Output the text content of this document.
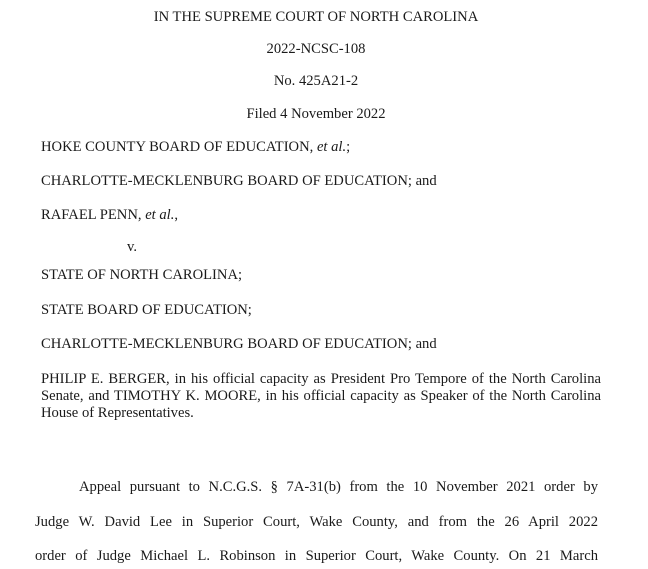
IN THE SUPREME COURT OF NORTH CAROLINA
2022-NCSC-108
No. 425A21-2
Filed 4 November 2022
HOKE COUNTY BOARD OF EDUCATION, et al.;
CHARLOTTE-MECKLENBURG BOARD OF EDUCATION; and
RAFAEL PENN, et al.,
v.
STATE OF NORTH CAROLINA;
STATE BOARD OF EDUCATION;
CHARLOTTE-MECKLENBURG BOARD OF EDUCATION; and
PHILIP E. BERGER, in his official capacity as President Pro Tempore of the North Carolina Senate, and TIMOTHY K. MOORE, in his official capacity as Speaker of the North Carolina House of Representatives.
Appeal pursuant to N.C.G.S. § 7A-31(b) from the 10 November 2021 order by
Judge W. David Lee in Superior Court, Wake County, and from the 26 April 2022
order of Judge Michael L. Robinson in Superior Court, Wake County. On 21 March
